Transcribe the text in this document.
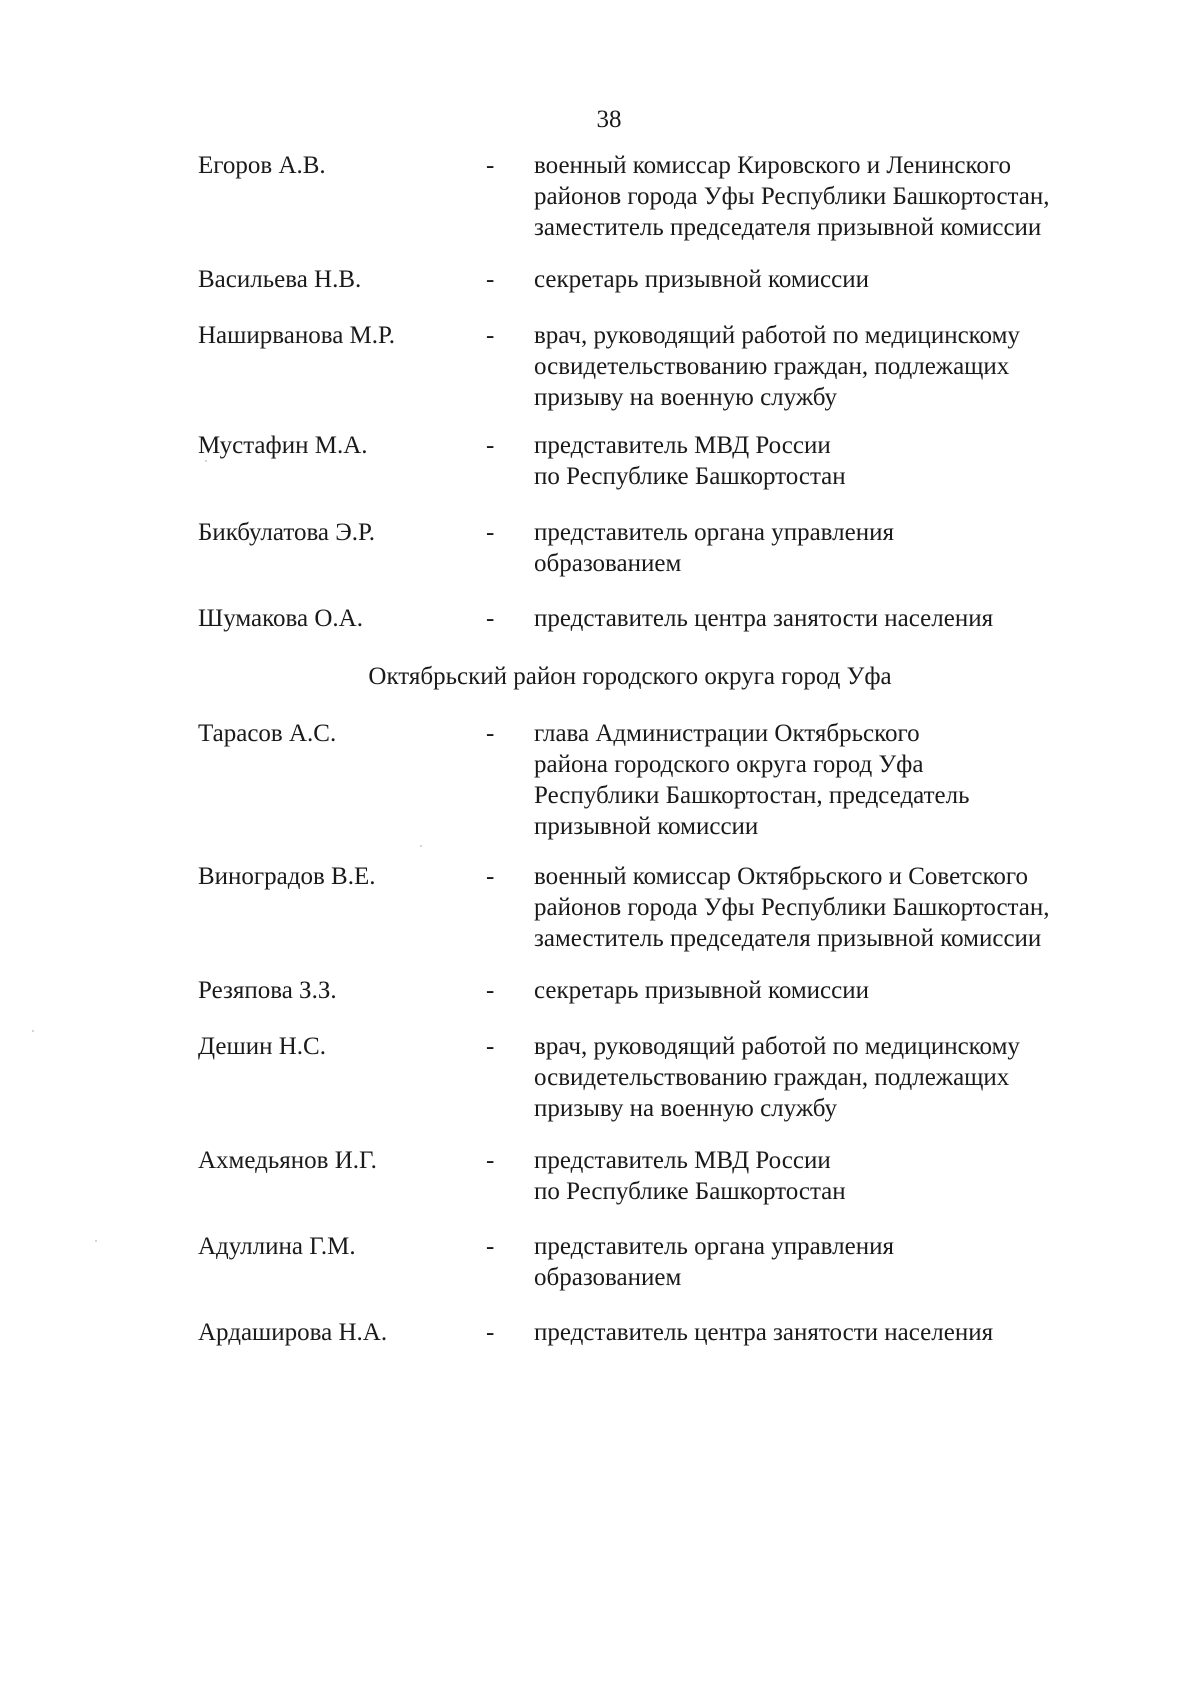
38
Егоров А.В.	- военный комиссар Кировского и Ленинского
районов города Уфы Республики Башкортостан,
заместитель председателя призывной комиссии
Васильева Н.В.	- секретарь призывной комиссии
Наширванова М.Р.	- врач, руководящий работой по медицинскому
освидетельствованию граждан, подлежащих
призыву на военную службу
Мустафин М.А.	- представитель МВД России
по Республике Башкортостан
Бикбулатова Э.Р.	- представитель органа управления
образованием
Шумакова О.А.	- представитель центра занятости населения
Октябрьский район городского округа город Уфа
Тарасов А.С.	- глава Администрации Октябрьского
района городского округа город Уфа
Республики Башкортостан, председатель
призывной комиссии
Виноградов В.Е.	- военный комиссар Октябрьского и Советского
районов города Уфы Республики Башкортостан,
заместитель председателя призывной комиссии
Резяпова З.З.	- секретарь призывной комиссии
Дешин Н.С.	- врач, руководящий работой по медицинскому
освидетельствованию граждан, подлежащих
призыву на военную службу
Ахмедьянов И.Г.	- представитель МВД России
по Республике Башкортостан
Адуллина Г.М.	- представитель органа управления
образованием
Ардаширова Н.А.	- представитель центра занятости населения
